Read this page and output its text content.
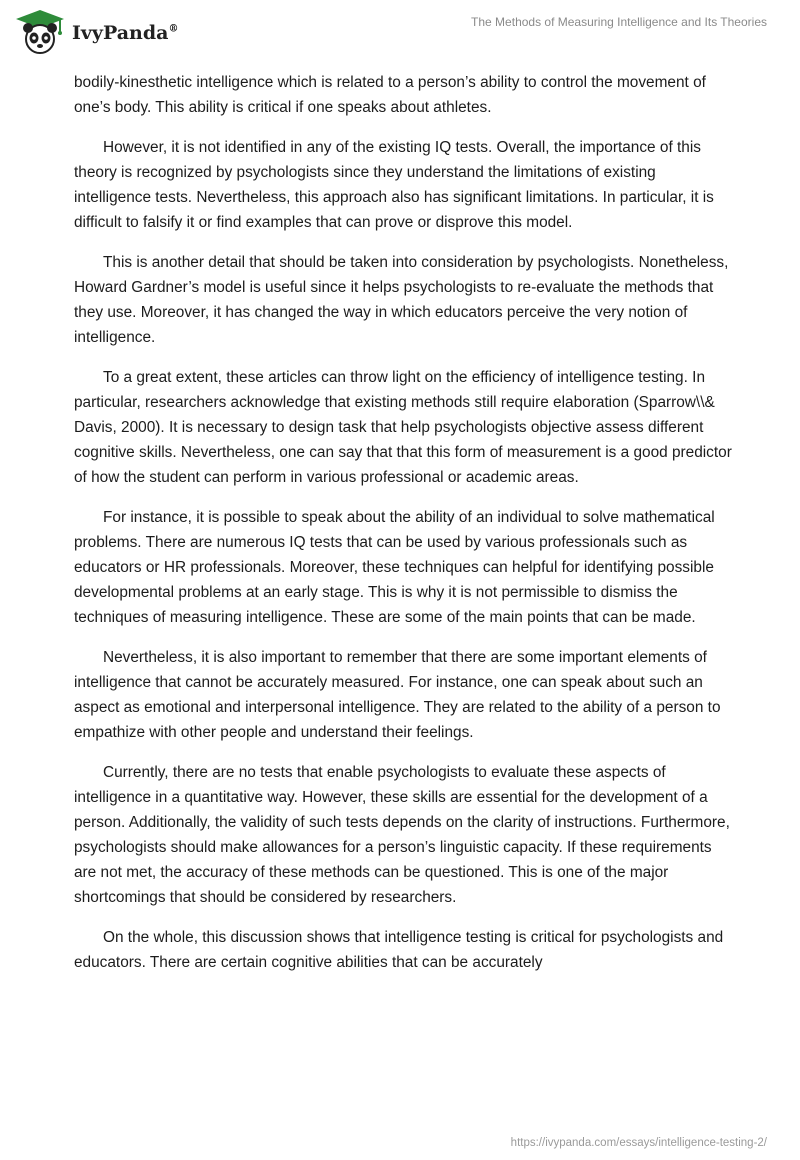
IvyPanda®
The Methods of Measuring Intelligence and Its Theories

bodily-kinesthetic intelligence which is related to a person’s ability to control the movement of one’s body. This ability is critical if one speaks about athletes.

However, it is not identified in any of the existing IQ tests. Overall, the importance of this theory is recognized by psychologists since they understand the limitations of existing intelligence tests. Nevertheless, this approach also has significant limitations. In particular, it is difficult to falsify it or find examples that can prove or disprove this model.

This is another detail that should be taken into consideration by psychologists. Nonetheless, Howard Gardner’s model is useful since it helps psychologists to re-evaluate the methods that they use. Moreover, it has changed the way in which educators perceive the very notion of intelligence.

To a great extent, these articles can throw light on the efficiency of intelligence testing. In particular, researchers acknowledge that existing methods still require elaboration (Sparrow\\& Davis, 2000). It is necessary to design task that help psychologists objective assess different cognitive skills. Nevertheless, one can say that that this form of measurement is a good predictor of how the student can perform in various professional or academic areas.

For instance, it is possible to speak about the ability of an individual to solve mathematical problems. There are numerous IQ tests that can be used by various professionals such as educators or HR professionals. Moreover, these techniques can helpful for identifying possible developmental problems at an early stage. This is why it is not permissible to dismiss the techniques of measuring intelligence. These are some of the main points that can be made.

Nevertheless, it is also important to remember that there are some important elements of intelligence that cannot be accurately measured. For instance, one can speak about such an aspect as emotional and interpersonal intelligence. They are related to the ability of a person to empathize with other people and understand their feelings.

Currently, there are no tests that enable psychologists to evaluate these aspects of intelligence in a quantitative way. However, these skills are essential for the development of a person. Additionally, the validity of such tests depends on the clarity of instructions. Furthermore, psychologists should make allowances for a person’s linguistic capacity. If these requirements are not met, the accuracy of these methods can be questioned. This is one of the major shortcomings that should be considered by researchers.

On the whole, this discussion shows that intelligence testing is critical for psychologists and educators. There are certain cognitive abilities that can be accurately

https://ivypanda.com/essays/intelligence-testing-2/
